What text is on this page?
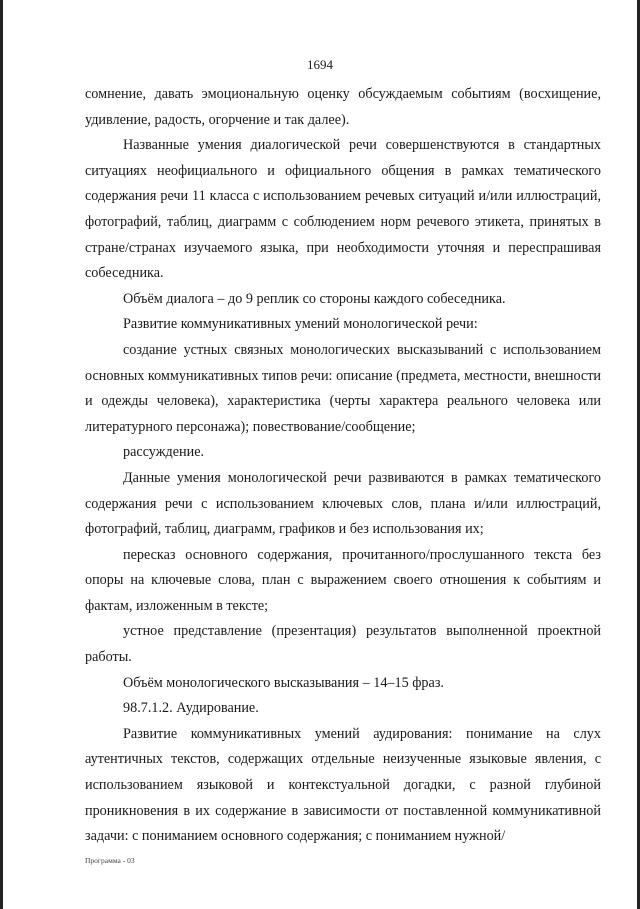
1694

сомнение, давать эмоциональную оценку обсуждаемым событиям (восхищение, удивление, радость, огорчение и так далее).

Названные умения диалогической речи совершенствуются в стандартных ситуациях неофициального и официального общения в рамках тематического содержания речи 11 класса с использованием речевых ситуаций и/или иллюстраций, фотографий, таблиц, диаграмм с соблюдением норм речевого этикета, принятых в стране/странах изучаемого языка, при необходимости уточняя и переспрашивая собеседника.

Объём диалога – до 9 реплик со стороны каждого собеседника.

Развитие коммуникативных умений монологической речи:

создание устных связных монологических высказываний с использованием основных коммуникативных типов речи: описание (предмета, местности, внешности и одежды человека), характеристика (черты характера реального человека или литературного персонажа); повествование/сообщение;

рассуждение.

Данные умения монологической речи развиваются в рамках тематического содержания речи с использованием ключевых слов, плана и/или иллюстраций, фотографий, таблиц, диаграмм, графиков и без использования их;

пересказ основного содержания, прочитанного/прослушанного текста без опоры на ключевые слова, план с выражением своего отношения к событиям и фактам, изложенным в тексте;

устное представление (презентация) результатов выполненной проектной работы.

Объём монологического высказывания – 14–15 фраз.

98.7.1.2. Аудирование.

Развитие коммуникативных умений аудирования: понимание на слух аутентичных текстов, содержащих отдельные неизученные языковые явления, с использованием языковой и контекстуальной догадки, с разной глубиной проникновения в их содержание в зависимости от поставленной коммуникативной задачи: с пониманием основного содержания; с пониманием нужной/

Программа - 03
